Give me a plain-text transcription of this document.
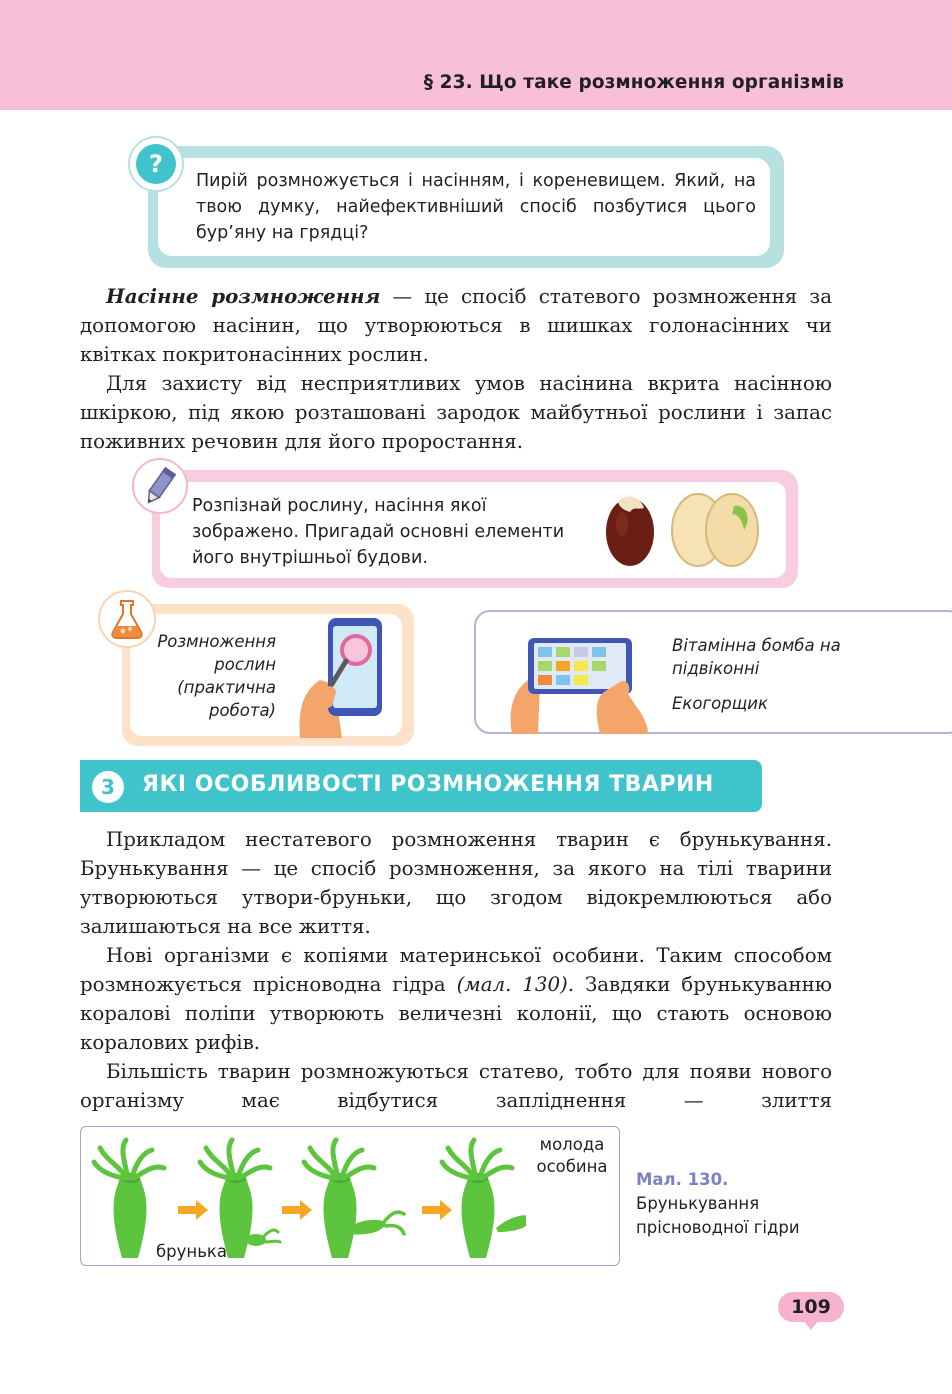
§ 23. Що таке розмноження організмів
?
Пирій розмножується і насінням, і кореневищем. Який, на твою думку, найефективніший спосіб позбутися цього бур’яну на грядці?
Насінне розмноження — це спосіб статевого розмноження за допомогою насінин, що утворюються в шишках голонасінних чи квітках покритонасінних рослин.
Для захисту від несприятливих умов насінина вкрита насінною шкіркою, під якою розташовані зародок майбутньої рослини і запас поживних речовин для його проростання.
Розпізнай рослину, насіння якої зображено. Пригадай основні елементи його внутрішньої будови.
Розмноження рослин (практична робота)
Вітамінна бомба на підвіконні
Екогорщик
3	ЯКІ ОСОБЛИВОСТІ РОЗМНОЖЕННЯ ТВАРИН
Прикладом нестатевого розмноження тварин є брунькування. Брунькування — це спосіб розмноження, за якого на тілі тварини утворюються утвори-бруньки, що згодом відокремлюються або залишаються на все життя.
Нові організми є копіями материнської особини. Таким способом розмножується прісноводна гідра (мал. 130). Завдяки брунькуванню коралові поліпи утворюють величезні колонії, що стають основою коралових рифів.
Більшість тварин розмножуються статево, тобто для появи нового організму має відбутися запліднення — злиття
брунька
молода
особина
Мал. 130. Брунькування прісноводної гідри
109
